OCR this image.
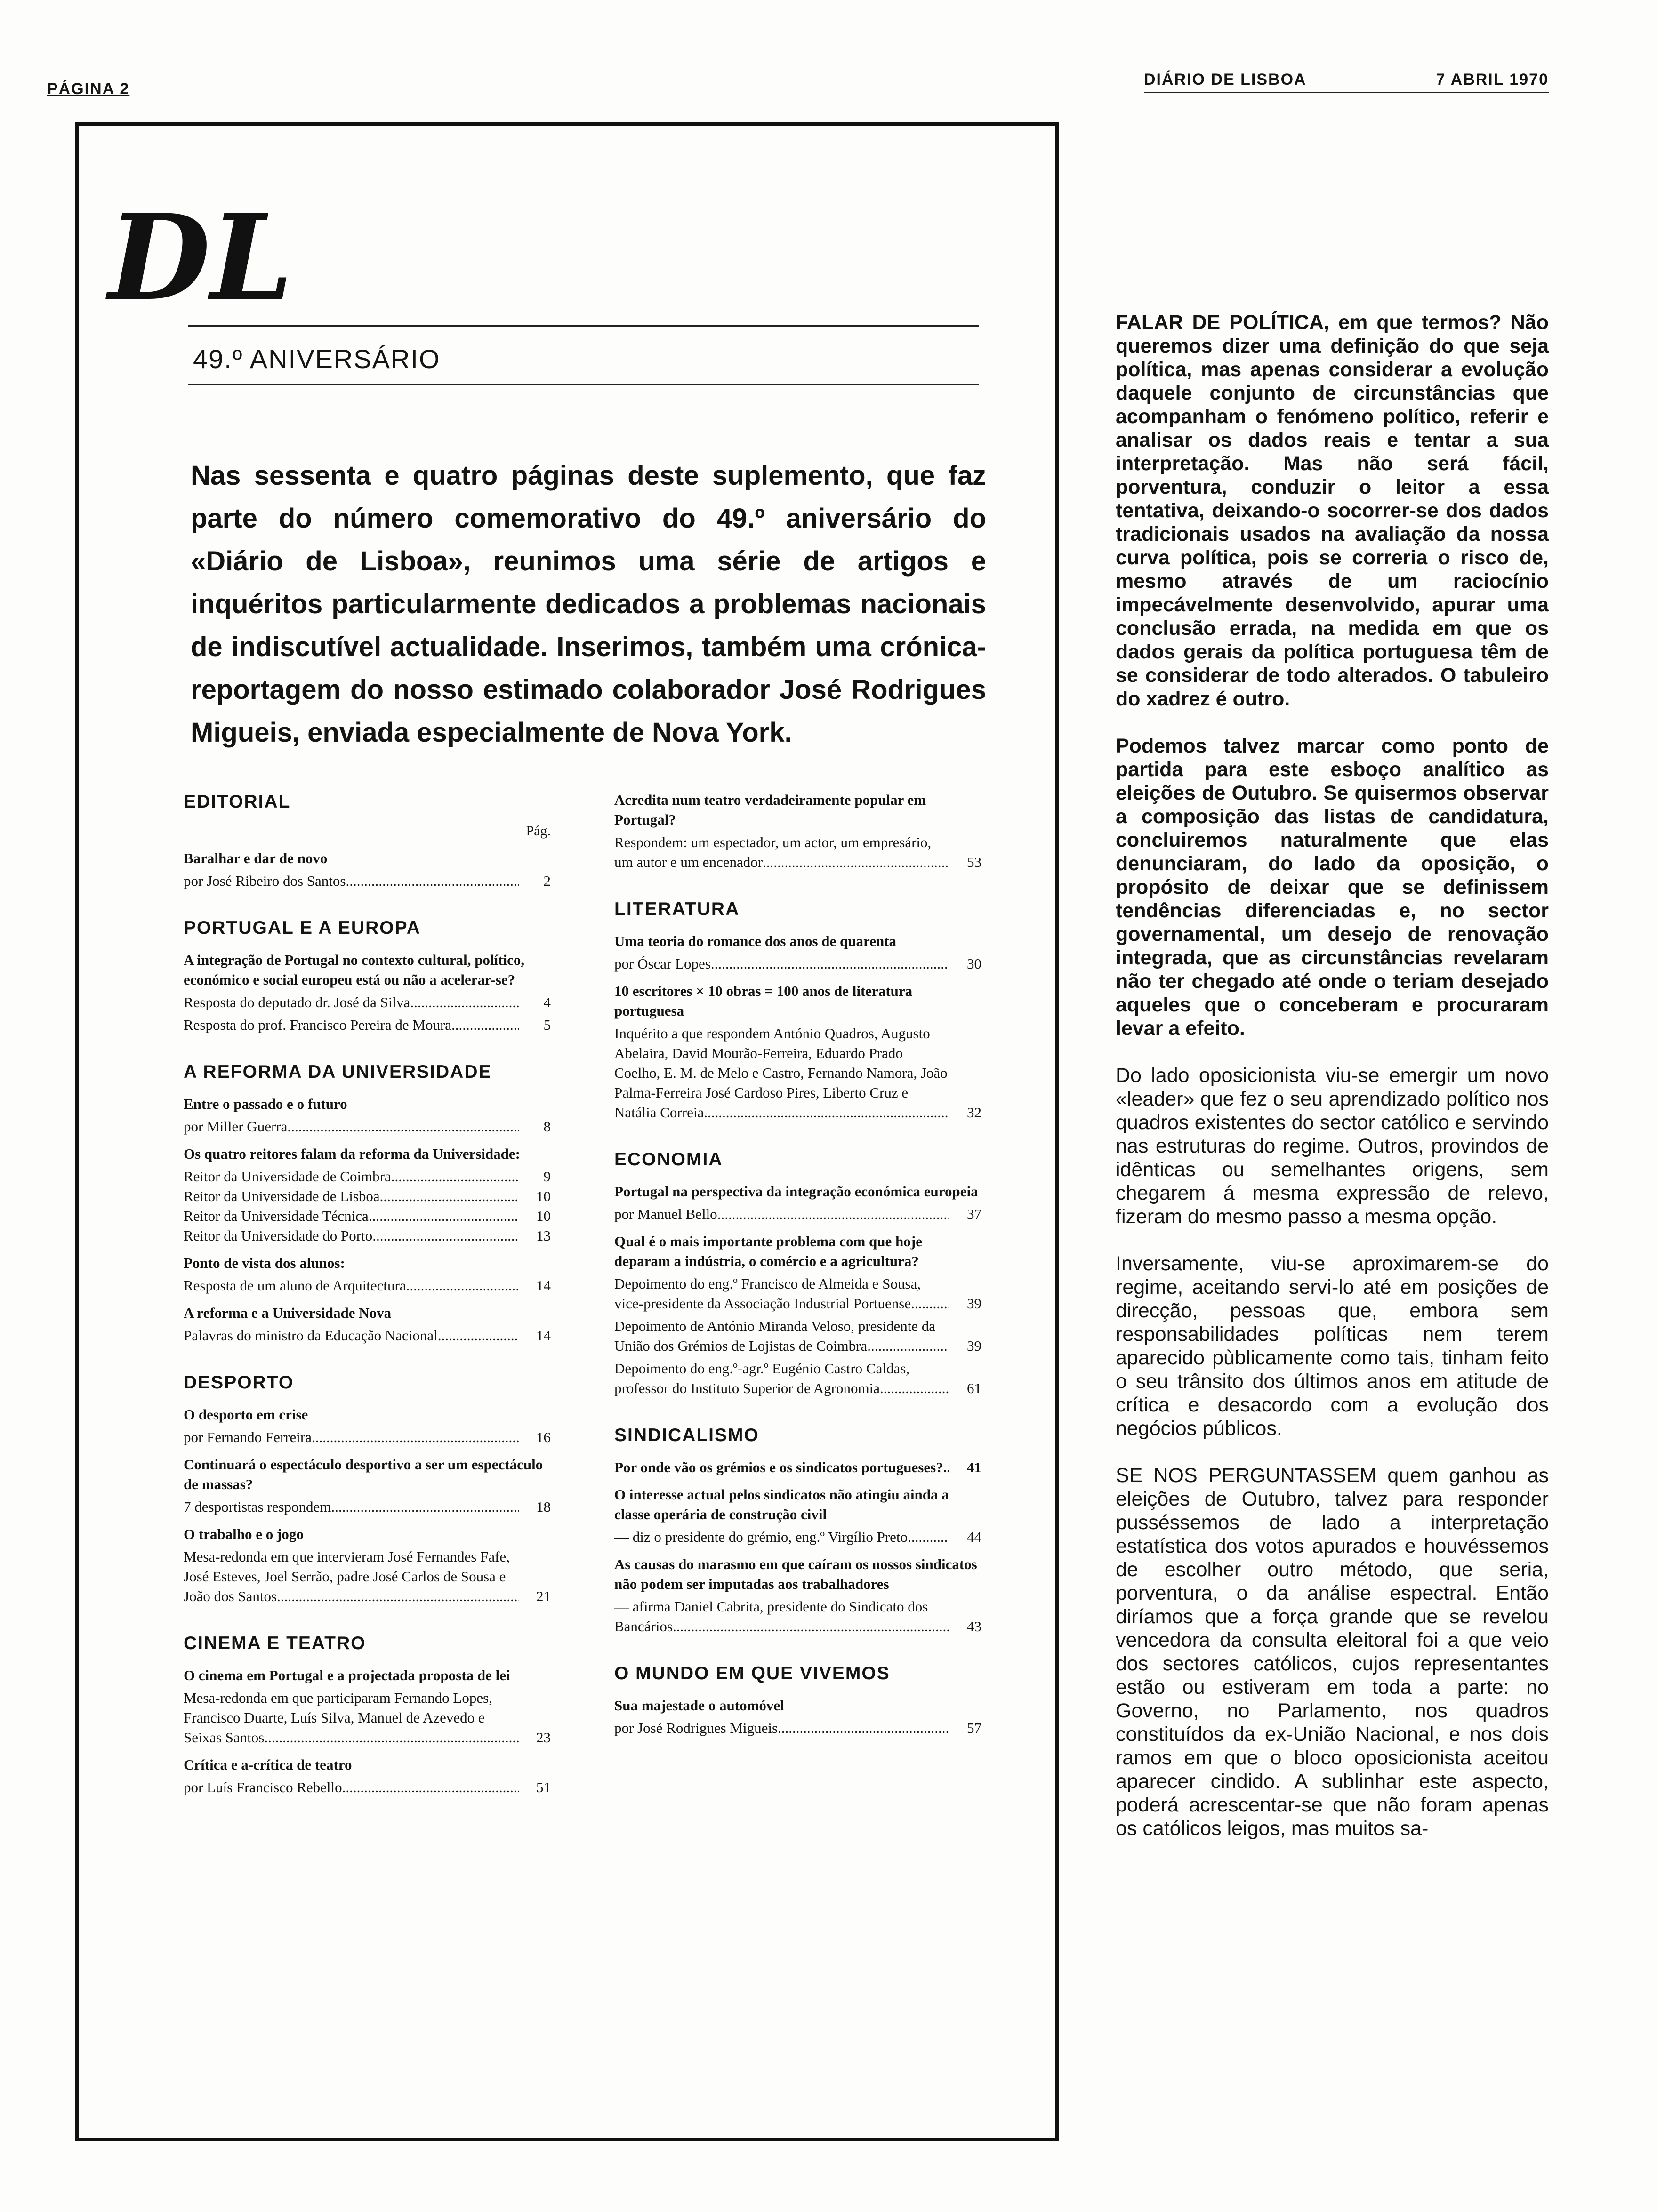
PÁGINA 2
DIÁRIO DE LISBOA	7 ABRIL 1970
DL
49.º ANIVERSÁRIO
Nas sessenta e quatro páginas deste suplemento, que faz parte do número comemorativo do 49.º aniversário do «Diário de Lisboa», reunimos uma série de artigos e inquéritos particularmente dedicados a problemas nacionais de indiscutível actualidade. Inserimos, também uma crónica-reportagem do nosso estimado colaborador José Rodrigues Migueis, enviada especialmente de Nova York.
EDITORIAL
Pág.
Baralhar e dar de novo
por José Ribeiro dos Santos .....	2
PORTUGAL E A EUROPA
A integração de Portugal no contexto cultural, político, económico e social europeu está ou não a acelerar-se?
Resposta do deputado dr. José da Silva .....	4
Resposta do prof. Francisco Pereira de Moura .....	5
A REFORMA DA UNIVERSIDADE
Entre o passado e o futuro
por Miller Guerra .....	8
Os quatro reitores falam da reforma da Universidade:
Reitor da Universidade de Coimbra .....	9
Reitor da Universidade de Lisboa .....	10
Reitor da Universidade Técnica .....	10
Reitor da Universidade do Porto .....	13
Ponto de vista dos alunos:
Resposta de um aluno de Arquitectura .....	14
A reforma e a Universidade Nova
Palavras do ministro da Educação Nacional .....	14
DESPORTO
O desporto em crise
por Fernando Ferreira .....	16
Continuará o espectáculo desportivo a ser um espectáculo de massas?
7 desportistas respondem .....	18
O trabalho e o jogo
Mesa-redonda em que intervieram José Fernandes Fafe, José Esteves, Joel Serrão, padre José Carlos de Sousa e João dos Santos .....	21
CINEMA E TEATRO
O cinema em Portugal e a projectada proposta de lei
Mesa-redonda em que participaram Fernando Lopes, Francisco Duarte, Luís Silva, Manuel de Azevedo e Seixas Santos .....	23
Crítica e a-crítica de teatro
por Luís Francisco Rebello .....	51
Acredita num teatro verdadeiramente popular em Portugal?
Respondem: um espectador, um actor, um empresário, um autor e um encenador .....	53
LITERATURA
Uma teoria do romance dos anos de quarenta
por Óscar Lopes .....	30
10 escritores × 10 obras = 100 anos de literatura portuguesa
Inquérito a que respondem António Quadros, Augusto Abelaira, David Mourão-Ferreira, Eduardo Prado Coelho, E. M. de Melo e Castro, Fernando Namora, João Palma-Ferreira José Cardoso Pires, Liberto Cruz e Natália Correia .....	32
ECONOMIA
Portugal na perspectiva da integração económica europeia
por Manuel Bello .....	37
Qual é o mais importante problema com que hoje deparam a indústria, o comércio e a agricultura?
Depoimento do eng.º Francisco de Almeida e Sousa, vice-presidente da Associação Industrial Portuense .....	39
Depoimento de António Miranda Veloso, presidente da União dos Grémios de Lojistas de Coimbra .....	39
Depoimento do eng.º-agr.º Eugénio Castro Caldas, professor do Instituto Superior de Agronomia .....	61
SINDICALISMO
Por onde vão os grémios e os sindicatos portugueses? .....	41
O interesse actual pelos sindicatos não atingiu ainda a classe operária de construção civil
— diz o presidente do grémio, eng.º Virgílio Preto .....	44
As causas do marasmo em que caíram os nossos sindicatos não podem ser imputadas aos trabalhadores
— afirma Daniel Cabrita, presidente do Sindicato dos Bancários .....	43
O MUNDO EM QUE VIVEMOS
Sua majestade o automóvel
por José Rodrigues Migueis .....	57

FALAR DE POLÍTICA, em que termos? Não queremos dizer uma definição do que seja política, mas apenas considerar a evolução daquele conjunto de circunstâncias que acompanham o fenómeno político, referir e analisar os dados reais e tentar a sua interpretação. Mas não será fácil, porventura, conduzir o leitor a essa tentativa, deixando-o socorrer-se dos dados tradicionais usados na avaliação da nossa curva política, pois se correria o risco de, mesmo através de um raciocínio impecávelmente desenvolvido, apurar uma conclusão errada, na medida em que os dados gerais da política portuguesa têm de se considerar de todo alterados. O tabuleiro do xadrez é outro.

Podemos talvez marcar como ponto de partida para este esboço analítico as eleições de Outubro. Se quisermos observar a composição das listas de candidatura, concluiremos naturalmente que elas denunciaram, do lado da oposição, o propósito de deixar que se definissem tendências diferenciadas e, no sector governamental, um desejo de renovação integrada, que as circunstâncias revelaram não ter chegado até onde o teriam desejado aqueles que o conceberam e procuraram levar a efeito.

Do lado oposicionista viu-se emergir um novo «leader» que fez o seu aprendizado político nos quadros existentes do sector católico e servindo nas estruturas do regime. Outros, provindos de idênticas ou semelhantes origens, sem chegarem á mesma expressão de relevo, fizeram do mesmo passo a mesma opção.

Inversamente, viu-se aproximarem-se do regime, aceitando servi-lo até em posições de direcção, pessoas que, embora sem responsabilidades políticas nem terem aparecido pùblicamente como tais, tinham feito o seu trânsito dos últimos anos em atitude de crítica e desacordo com a evolução dos negócios públicos.

SE NOS PERGUNTASSEM quem ganhou as eleições de Outubro, talvez para responder pusséssemos de lado a interpretação estatística dos votos apurados e houvéssemos de escolher outro método, que seria, porventura, o da análise espectral. Então diríamos que a força grande que se revelou vencedora da consulta eleitoral foi a que veio dos sectores católicos, cujos representantes estão ou estiveram em toda a parte: no Governo, no Parlamento, nos quadros constituídos da ex-União Nacional, e nos dois ramos em que o bloco oposicionista aceitou aparecer cindido. A sublinhar este aspecto, poderá acrescentar-se que não foram apenas os católicos leigos, mas muitos sa-
